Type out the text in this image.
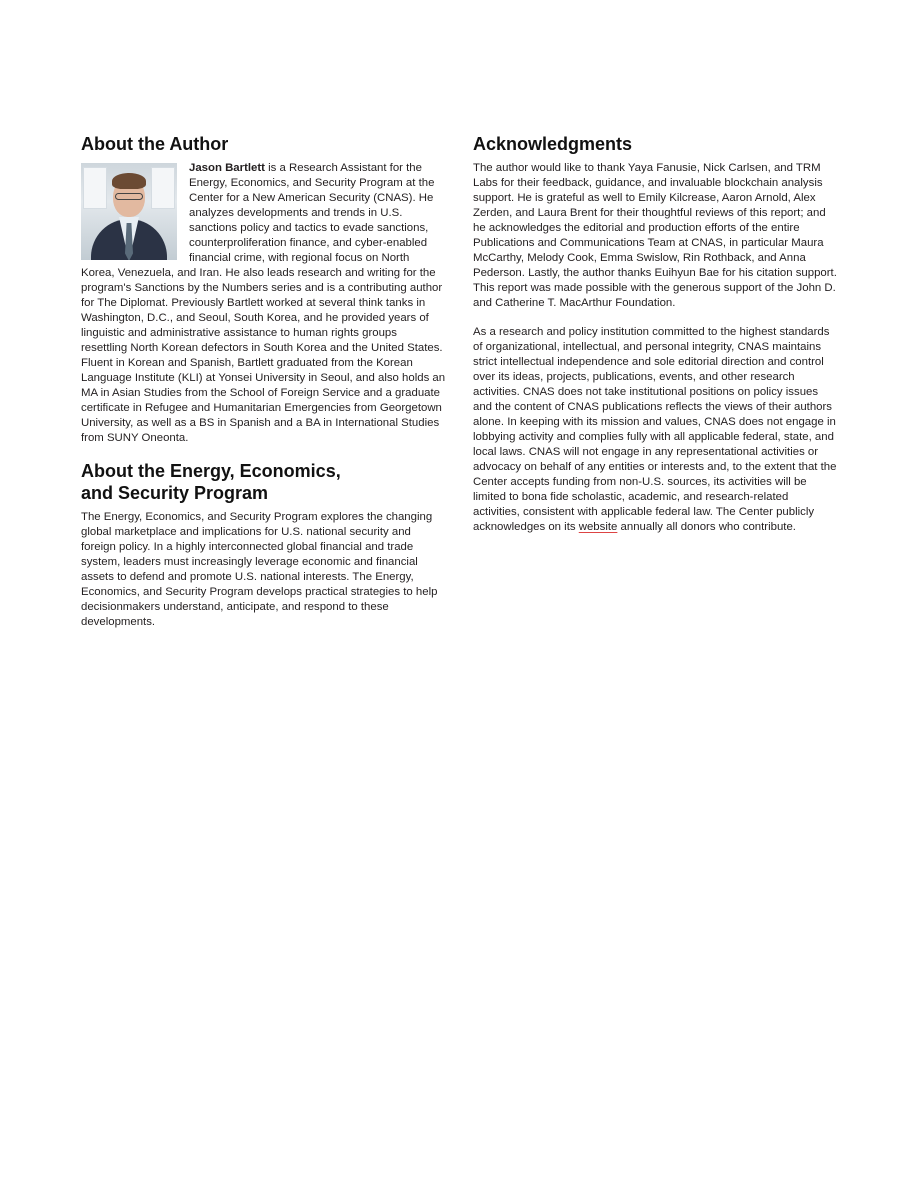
About the Author

Jason Bartlett is a Research Assistant for the Energy, Economics, and Security Program at the Center for a New American Security (CNAS). He analyzes developments and trends in U.S. sanctions policy and tactics to evade sanctions, counterproliferation finance, and cyber-enabled financial crime, with regional focus on North Korea, Venezuela, and Iran. He also leads research and writing for the program's Sanctions by the Numbers series and is a contributing author for The Diplomat. Previously Bartlett worked at several think tanks in Washington, D.C., and Seoul, South Korea, and he provided years of linguistic and administrative assistance to human rights groups resettling North Korean defectors in South Korea and the United States. Fluent in Korean and Spanish, Bartlett graduated from the Korean Language Institute (KLI) at Yonsei University in Seoul, and also holds an MA in Asian Studies from the School of Foreign Service and a graduate certificate in Refugee and Humanitarian Emergencies from Georgetown University, as well as a BS in Spanish and a BA in International Studies from SUNY Oneonta.

About the Energy, Economics,
and Security Program

The Energy, Economics, and Security Program explores the changing global marketplace and implications for U.S. national security and foreign policy. In a highly interconnected global financial and trade system, leaders must increasingly leverage economic and financial assets to defend and promote U.S. national interests. The Energy, Economics, and Security Program develops practical strategies to help decisionmakers understand, anticipate, and respond to these developments.

Acknowledgments

The author would like to thank Yaya Fanusie, Nick Carlsen, and TRM Labs for their feedback, guidance, and invaluable blockchain analysis support. He is grateful as well to Emily Kilcrease, Aaron Arnold, Alex Zerden, and Laura Brent for their thoughtful reviews of this report; and he acknowledges the editorial and production efforts of the entire Publications and Communications Team at CNAS, in particular Maura McCarthy, Melody Cook, Emma Swislow, Rin Rothback, and Anna Pederson. Lastly, the author thanks Euihyun Bae for his citation support. This report was made possible with the generous support of the John D. and Catherine T. MacArthur Foundation.

As a research and policy institution committed to the highest standards of organizational, intellectual, and personal integrity, CNAS maintains strict intellectual independence and sole editorial direction and control over its ideas, projects, publications, events, and other research activities. CNAS does not take institutional positions on policy issues and the content of CNAS publications reflects the views of their authors alone. In keeping with its mission and values, CNAS does not engage in lobbying activity and complies fully with all applicable federal, state, and local laws. CNAS will not engage in any representational activities or advocacy on behalf of any entities or interests and, to the extent that the Center accepts funding from non-U.S. sources, its activities will be limited to bona fide scholastic, academic, and research-related activities, consistent with applicable federal law. The Center publicly acknowledges on its website annually all donors who contribute.
